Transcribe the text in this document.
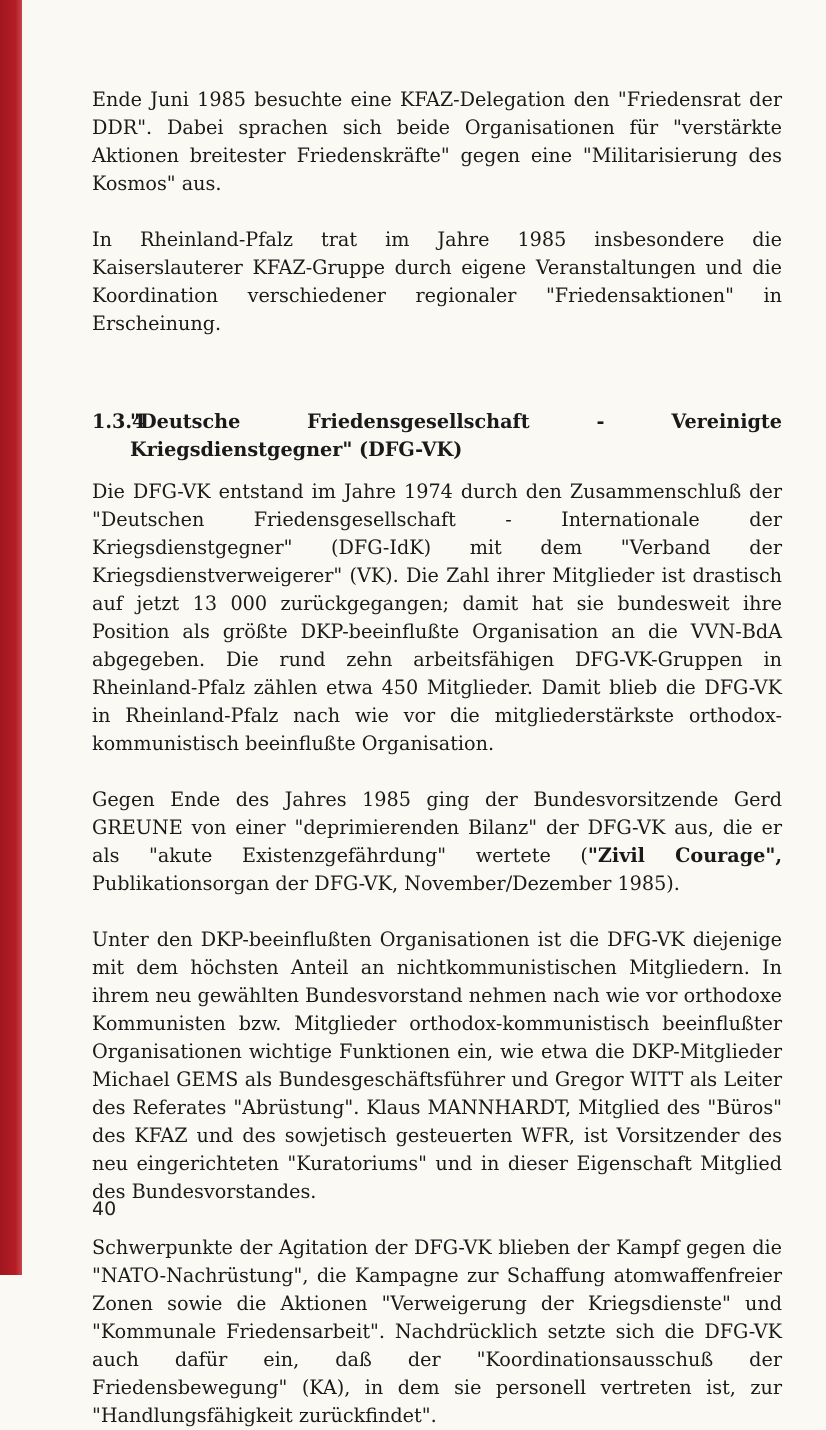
Ende Juni 1985 besuchte eine KFAZ-Delegation den "Friedensrat der DDR". Dabei sprachen sich beide Organisationen für "verstärkte Aktionen breitester Friedenskräfte" gegen eine "Militarisierung des Kosmos" aus.

In Rheinland-Pfalz trat im Jahre 1985 insbesondere die Kaiserslauterer KFAZ-Gruppe durch eigene Veranstaltungen und die Koordination verschiedener regionaler "Friedensaktionen" in Erscheinung.

1.3.4
"Deutsche Friedensgesellschaft - Vereinigte Kriegsdienstgegner" (DFG-VK)

Die DFG-VK entstand im Jahre 1974 durch den Zusammenschluß der "Deutschen Friedensgesellschaft - Internationale der Kriegsdienstgegner" (DFG-IdK) mit dem "Verband der Kriegsdienstverweigerer" (VK). Die Zahl ihrer Mitglieder ist drastisch auf jetzt 13 000 zurückgegangen; damit hat sie bundesweit ihre Position als größte DKP-beeinflußte Organisation an die VVN-BdA abgegeben. Die rund zehn arbeitsfähigen DFG-VK-Gruppen in Rheinland-Pfalz zählen etwa 450 Mitglieder. Damit blieb die DFG-VK in Rheinland-Pfalz nach wie vor die mitgliederstärkste orthodox-kommunistisch beeinflußte Organisation.

Gegen Ende des Jahres 1985 ging der Bundesvorsitzende Gerd GREUNE von einer "deprimierenden Bilanz" der DFG-VK aus, die er als "akute Existenzgefährdung" wertete ("Zivil Courage", Publikationsorgan der DFG-VK, November/Dezember 1985).

Unter den DKP-beeinflußten Organisationen ist die DFG-VK diejenige mit dem höchsten Anteil an nichtkommunistischen Mitgliedern. In ihrem neu gewählten Bundesvorstand nehmen nach wie vor orthodoxe Kommunisten bzw. Mitglieder orthodox-kommunistisch beeinflußter Organisationen wichtige Funktionen ein, wie etwa die DKP-Mitglieder Michael GEMS als Bundesgeschäftsführer und Gregor WITT als Leiter des Referates "Abrüstung". Klaus MANNHARDT, Mitglied des "Büros" des KFAZ und des sowjetisch gesteuerten WFR, ist Vorsitzender des neu eingerichteten "Kuratoriums" und in dieser Eigenschaft Mitglied des Bundesvorstandes.

Schwerpunkte der Agitation der DFG-VK blieben der Kampf gegen die "NATO-Nachrüstung", die Kampagne zur Schaffung atomwaffenfreier Zonen sowie die Aktionen "Verweigerung der Kriegsdienste" und "Kommunale Friedensarbeit". Nachdrücklich setzte sich die DFG-VK auch dafür ein, daß der "Koordinationsausschuß der Friedensbewegung" (KA), in dem sie personell vertreten ist, zur "Handlungsfähigkeit zurückfindet".

40
